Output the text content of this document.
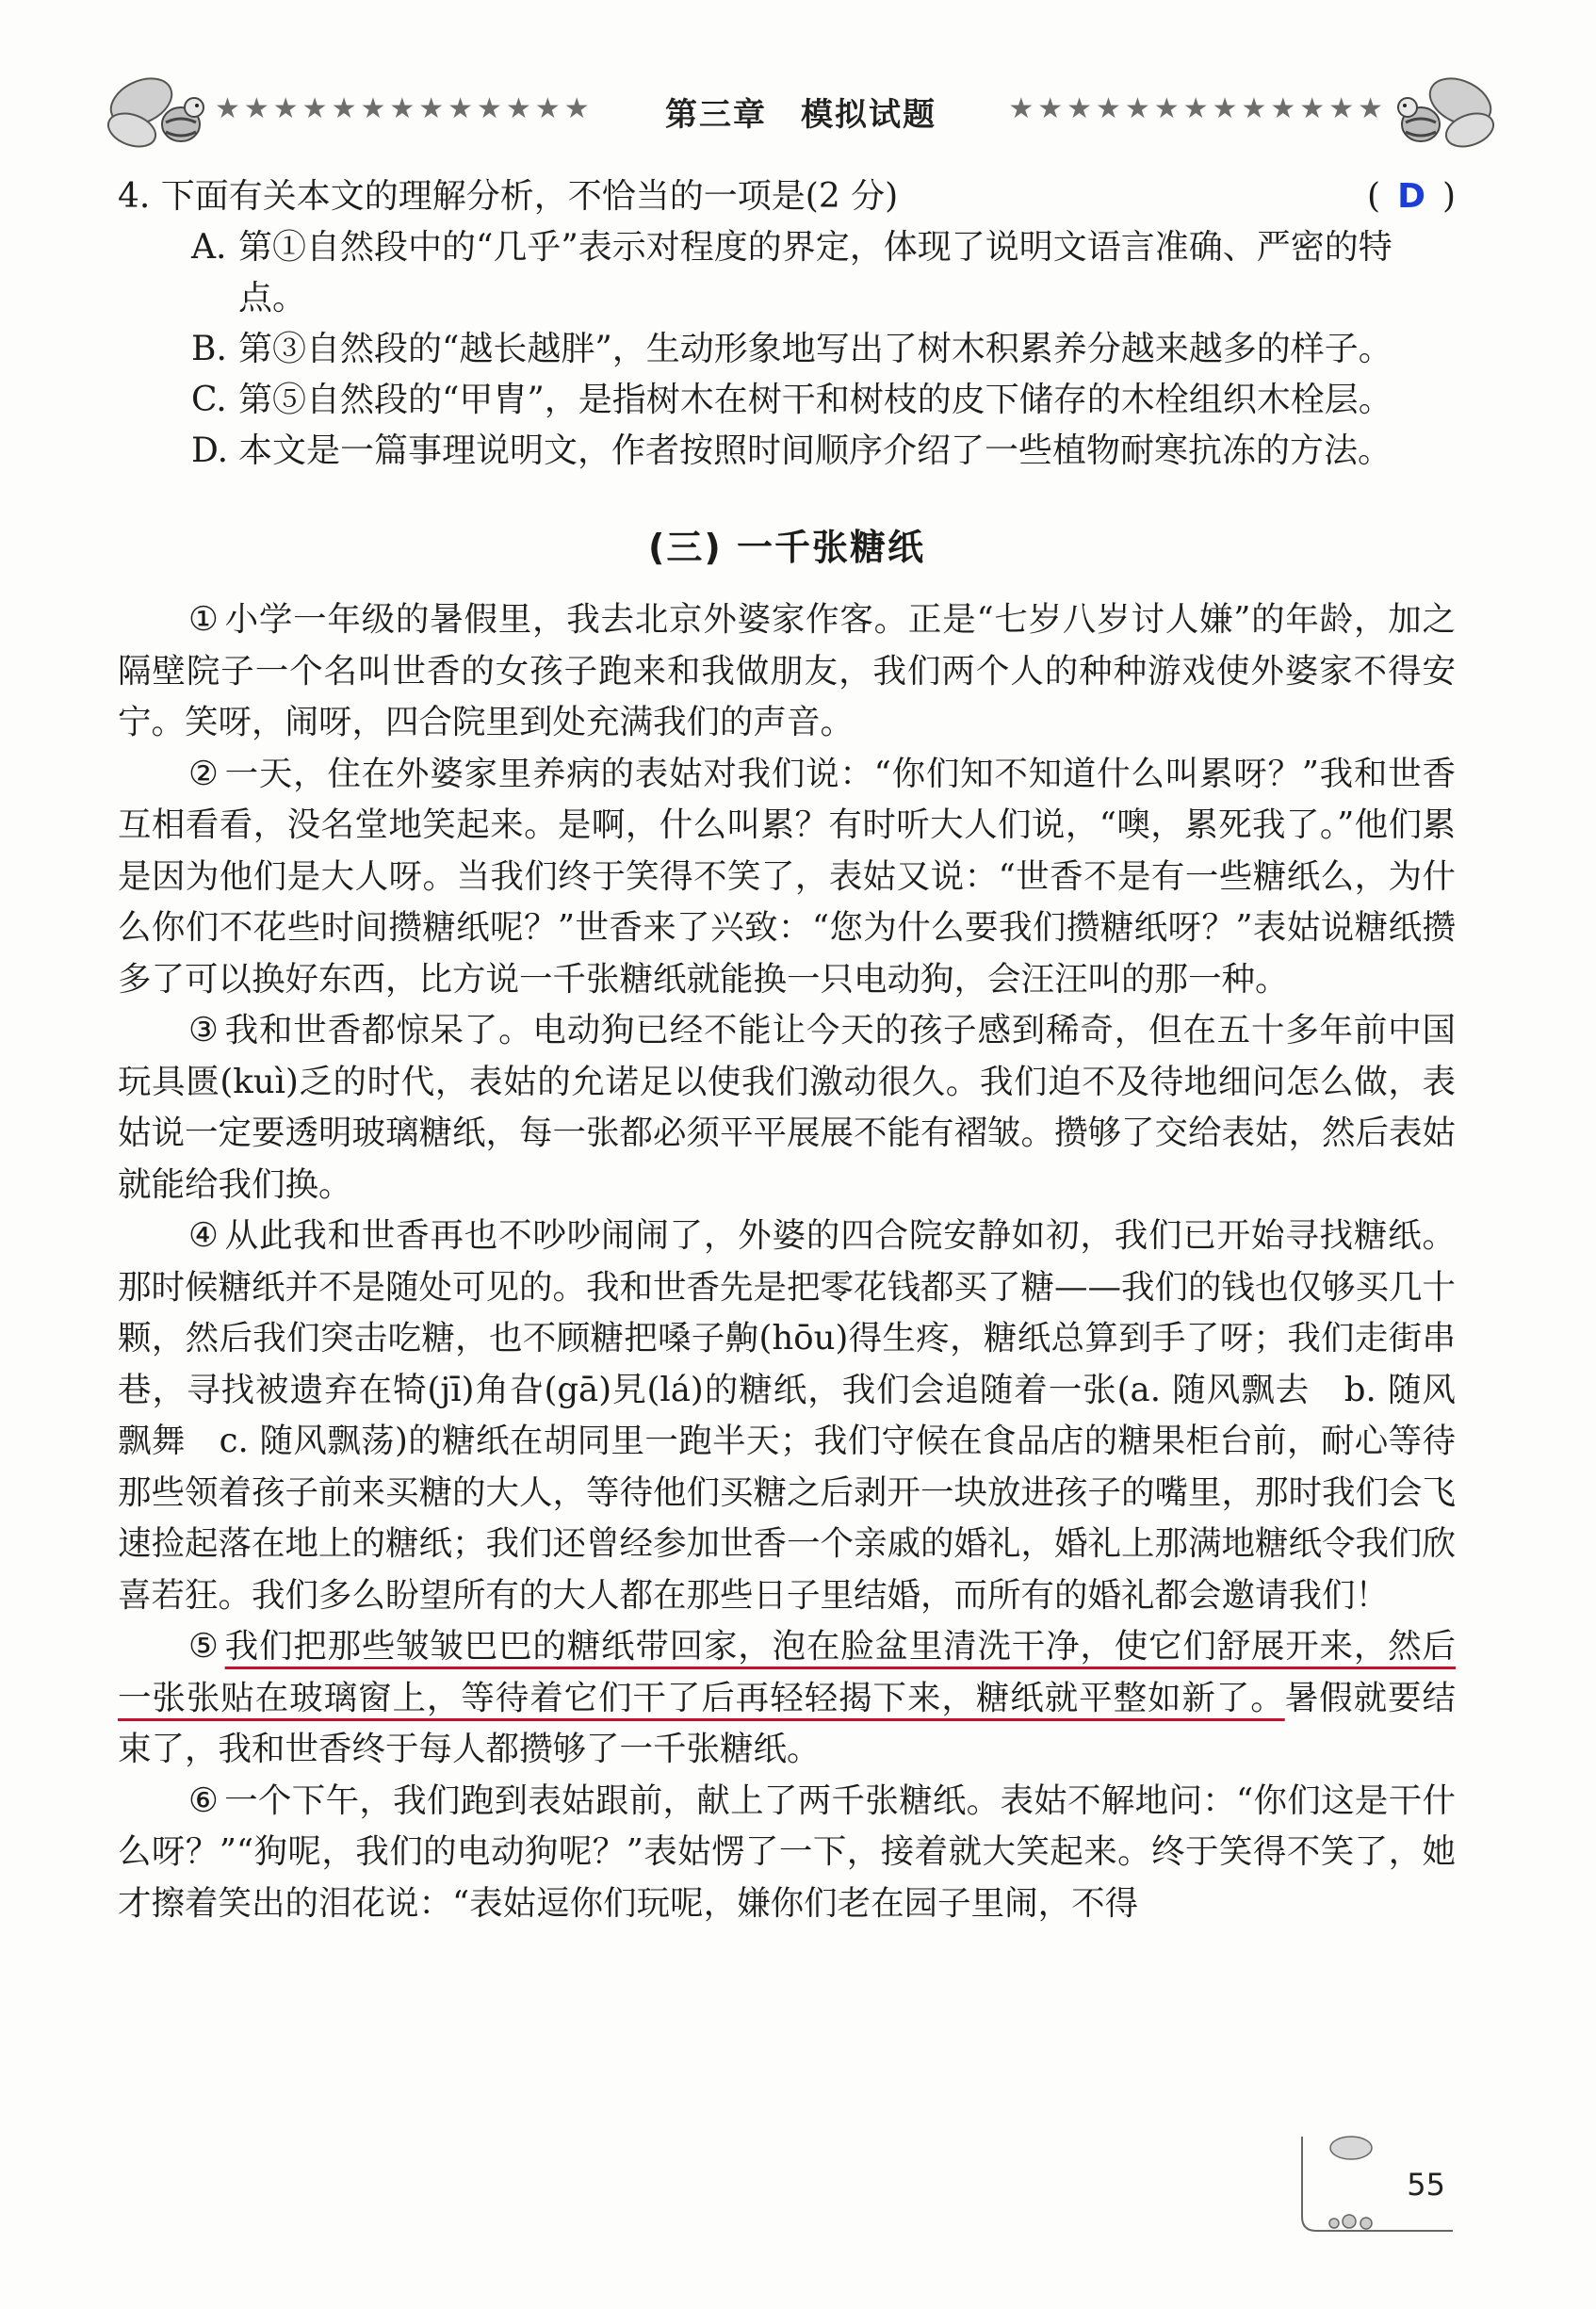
★★★★★★★★★★★★★	第三章 模拟试题	★★★★★★★★★★★★★
4. 下面有关本文的理解分析，不恰当的一项是(2 分)	( D )
A. 第①自然段中的“几乎”表示对程度的界定，体现了说明文语言准确、严密的特点。
B. 第③自然段的“越长越胖”，生动形象地写出了树木积累养分越来越多的样子。
C. 第⑤自然段的“甲胄”，是指树木在树干和树枝的皮下储存的木栓组织木栓层。
D. 本文是一篇事理说明文，作者按照时间顺序介绍了一些植物耐寒抗冻的方法。
(三) 一千张糖纸

① 小学一年级的暑假里，我去北京外婆家作客。正是“七岁八岁讨人嫌”的年龄，加之隔壁院子一个名叫世香的女孩子跑来和我做朋友，我们两个人的种种游戏使外婆家不得安宁。笑呀，闹呀，四合院里到处充满我们的声音。

② 一天，住在外婆家里养病的表姑对我们说：“你们知不知道什么叫累呀？”我和世香互相看看，没名堂地笑起来。是啊，什么叫累？有时听大人们说，“噢，累死我了。”他们累是因为他们是大人呀。当我们终于笑得不笑了，表姑又说：“世香不是有一些糖纸么，为什么你们不花些时间攒糖纸呢？”世香来了兴致：“您为什么要我们攒糖纸呀？”表姑说糖纸攒多了可以换好东西，比方说一千张糖纸就能换一只电动狗，会汪汪叫的那一种。

③ 我和世香都惊呆了。电动狗已经不能让今天的孩子感到稀奇，但在五十多年前中国玩具匮(kuì)乏的时代，表姑的允诺足以使我们激动很久。我们迫不及待地细问怎么做，表姑说一定要透明玻璃糖纸，每一张都必须平平展展不能有褶皱。攒够了交给表姑，然后表姑就能给我们换。

④ 从此我和世香再也不吵吵闹闹了，外婆的四合院安静如初，我们已开始寻找糖纸。那时候糖纸并不是随处可见的。我和世香先是把零花钱都买了糖——我们的钱也仅够买几十颗，然后我们突击吃糖，也不顾糖把嗓子齁(hōu)得生疼，糖纸总算到手了呀；我们走街串巷，寻找被遗弃在犄(jī)角旮(gā)旯(lá)的糖纸，我们会追随着一张(a. 随风飘去　b. 随风飘舞　c. 随风飘荡)的糖纸在胡同里一跑半天；我们守候在食品店的糖果柜台前，耐心等待那些领着孩子前来买糖的大人，等待他们买糖之后剥开一块放进孩子的嘴里，那时我们会飞速捡起落在地上的糖纸；我们还曾经参加世香一个亲戚的婚礼，婚礼上那满地糖纸令我们欣喜若狂。我们多么盼望所有的大人都在那些日子里结婚，而所有的婚礼都会邀请我们！

⑤ 我们把那些皱皱巴巴的糖纸带回家，泡在脸盆里清洗干净，使它们舒展开来，然后一张张贴在玻璃窗上，等待着它们干了后再轻轻揭下来，糖纸就平整如新了。暑假就要结束了，我和世香终于每人都攒够了一千张糖纸。

⑥ 一个下午，我们跑到表姑跟前，献上了两千张糖纸。表姑不解地问：“你们这是干什么呀？”“狗呢，我们的电动狗呢？”表姑愣了一下，接着就大笑起来。终于笑得不笑了，她才擦着笑出的泪花说：“表姑逗你们玩呢，嫌你们老在园子里闹，不得

55
